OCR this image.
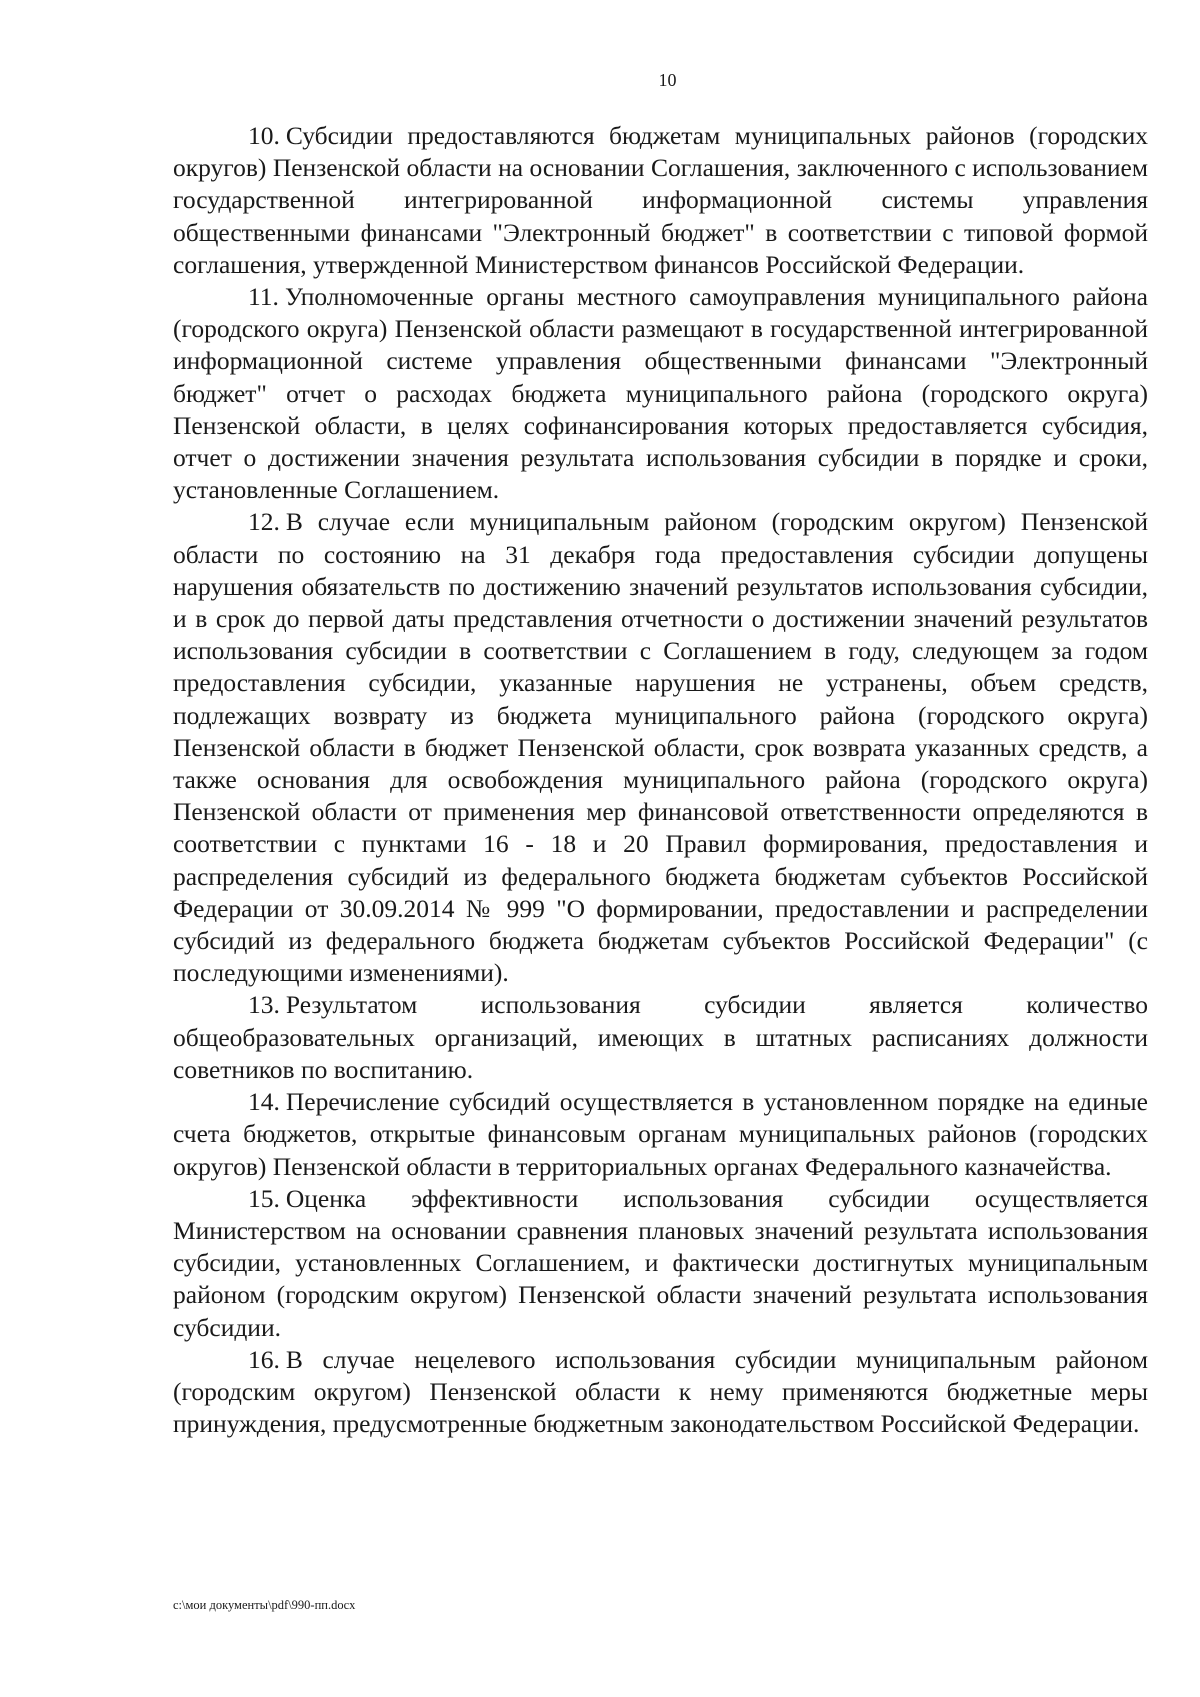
10

10. Субсидии предоставляются бюджетам муниципальных районов (городских округов) Пензенской области на основании Соглашения, заключенного с использованием государственной интегрированной информационной системы управления общественными финансами "Электронный бюджет" в соответствии с типовой формой соглашения, утвержденной Министерством финансов Российской Федерации.

11. Уполномоченные органы местного самоуправления муниципального района (городского округа) Пензенской области размещают в государственной интегрированной информационной системе управления общественными финансами "Электронный бюджет" отчет о расходах бюджета муниципального района (городского округа) Пензенской области, в целях софинансирования которых предоставляется субсидия, отчет о достижении значения результата использования субсидии в порядке и сроки, установленные Соглашением.

12. В случае если муниципальным районом (городским округом) Пензенской области по состоянию на 31 декабря года предоставления субсидии допущены нарушения обязательств по достижению значений результатов использования субсидии, и в срок до первой даты представления отчетности о достижении значений результатов использования субсидии в соответствии с Соглашением в году, следующем за годом предоставления субсидии, указанные нарушения не устранены, объем средств, подлежащих возврату из бюджета муниципального района (городского округа) Пензенской области в бюджет Пензенской области, срок возврата указанных средств, а также основания для освобождения муниципального района (городского округа) Пензенской области от применения мер финансовой ответственности определяются в соответствии с пунктами 16 - 18 и 20 Правил формирования, предоставления и распределения субсидий из федерального бюджета бюджетам субъектов Российской Федерации от 30.09.2014 № 999 "О формировании, предоставлении и распределении субсидий из федерального бюджета бюджетам субъектов Российской Федерации" (с последующими изменениями).

13. Результатом использования субсидии является количество общеобразовательных организаций, имеющих в штатных расписаниях должности советников по воспитанию.

14. Перечисление субсидий осуществляется в установленном порядке на единые счета бюджетов, открытые финансовым органам муниципальных районов (городских округов) Пензенской области в территориальных органах Федерального казначейства.

15. Оценка эффективности использования субсидии осуществляется Министерством на основании сравнения плановых значений результата использования субсидии, установленных Соглашением, и фактически достигнутых муниципальным районом (городским округом) Пензенской области значений результата использования субсидии.

16. В случае нецелевого использования субсидии муниципальным районом (городским округом) Пензенской области к нему применяются бюджетные меры принуждения, предусмотренные бюджетным законодательством Российской Федерации.

c:\мои документы\pdf\990-пп.docx
